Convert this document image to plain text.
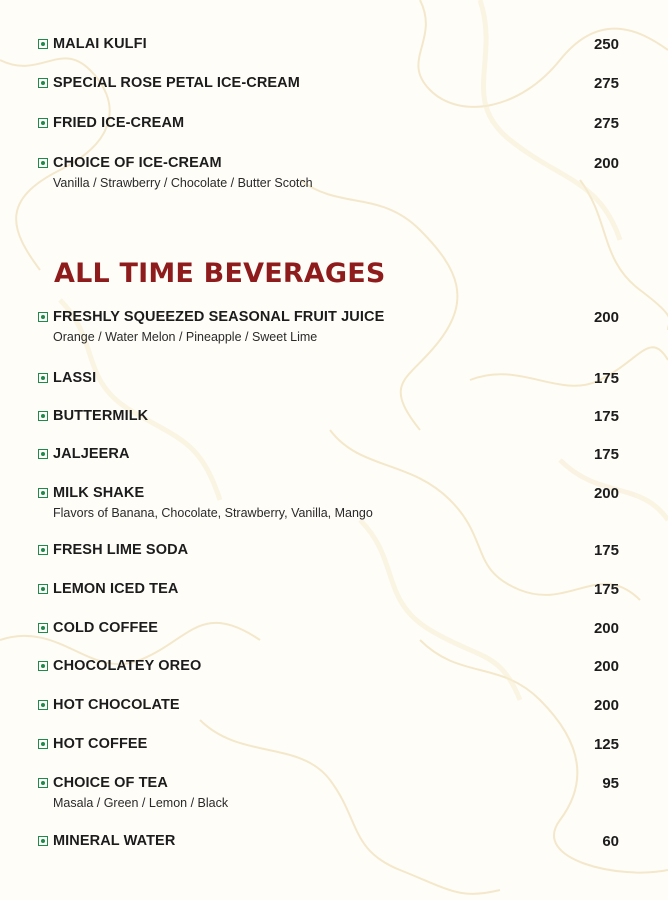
MALAI KULFI	250
SPECIAL ROSE PETAL ICE-CREAM	275
FRIED ICE-CREAM	275
CHOICE OF ICE-CREAM	200
Vanilla / Strawberry / Chocolate / Butter Scotch
ALL TIME BEVERAGES
FRESHLY SQUEEZED SEASONAL FRUIT JUICE	200
Orange / Water Melon / Pineapple / Sweet Lime
LASSI	175
BUTTERMILK	175
JALJEERA	175
MILK SHAKE	200
Flavors of Banana, Chocolate, Strawberry, Vanilla, Mango
FRESH LIME SODA	175
LEMON ICED TEA	175
COLD COFFEE	200
CHOCOLATEY OREO	200
HOT CHOCOLATE	200
HOT COFFEE	125
CHOICE OF TEA	95
Masala / Green / Lemon / Black
MINERAL WATER	60
